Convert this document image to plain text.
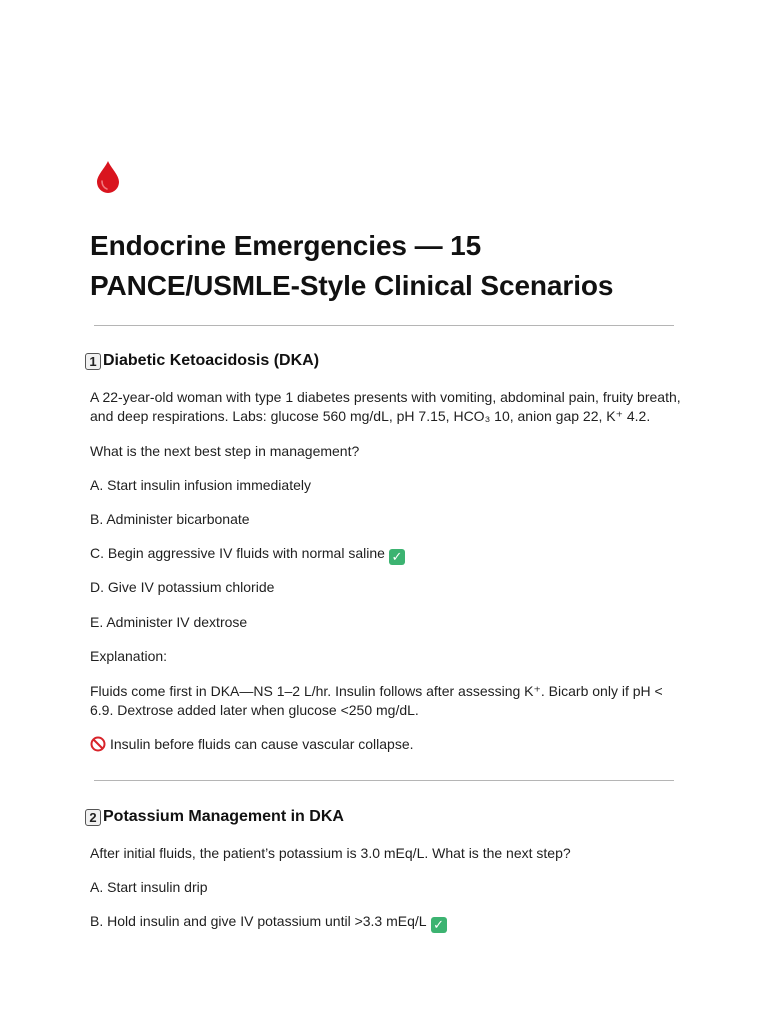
Endocrine Emergencies — 15 PANCE/USMLE-Style Clinical Scenarios
1 Diabetic Ketoacidosis (DKA)

A 22-year-old woman with type 1 diabetes presents with vomiting, abdominal pain, fruity breath, and deep respirations. Labs: glucose 560 mg/dL, pH 7.15, HCO₃ 10, anion gap 22, K⁺ 4.2.

What is the next best step in management?

A. Start insulin infusion immediately

B. Administer bicarbonate

C. Begin aggressive IV fluids with normal saline ✓

D. Give IV potassium chloride

E. Administer IV dextrose

Explanation:

Fluids come first in DKA—NS 1–2 L/hr. Insulin follows after assessing K⁺. Bicarb only if pH < 6.9. Dextrose added later when glucose <250 mg/dL.

Insulin before fluids can cause vascular collapse.

2 Potassium Management in DKA

After initial fluids, the patient’s potassium is 3.0 mEq/L. What is the next step?

A. Start insulin drip

B. Hold insulin and give IV potassium until >3.3 mEq/L ✓
